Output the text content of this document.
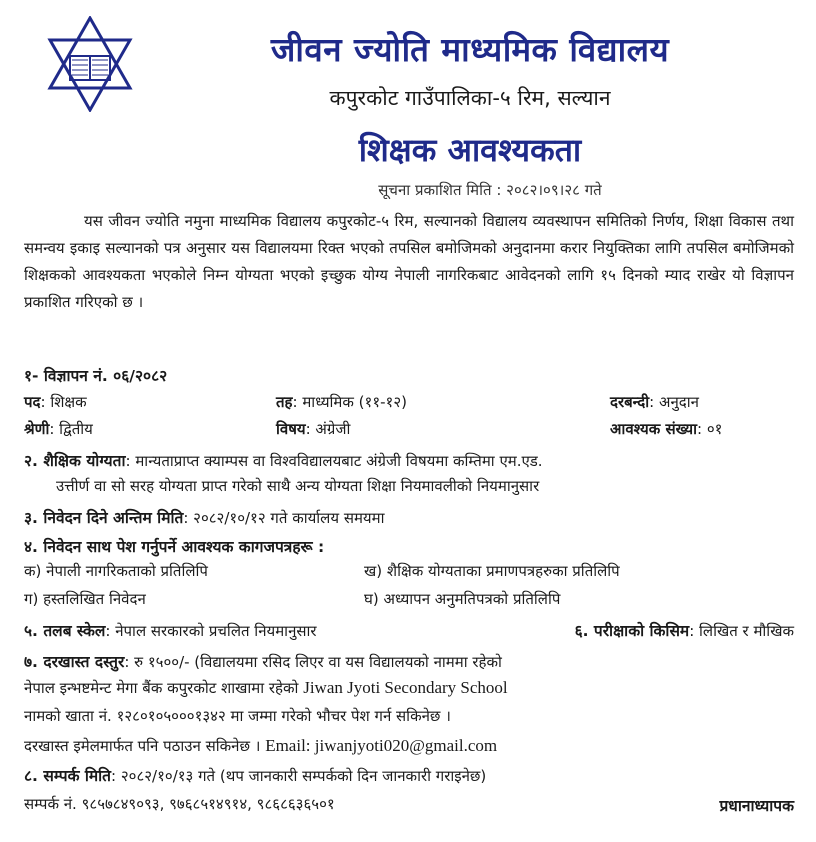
जीवन ज्योति माध्यमिक विद्यालय
कपुरकोट गाउँपालिका-५ रिम, सल्यान
शिक्षक आवश्यकता
सूचना प्रकाशित मिति : २०८२।०९।२८ गते
यस जीवन ज्योति नमुना माध्यमिक विद्यालय कपुरकोट-५ रिम, सल्यानको विद्यालय व्यवस्थापन समितिको निर्णय, शिक्षा विकास तथा समन्वय इकाइ सल्यानको पत्र अनुसार यस विद्यालयमा रिक्त भएको तपसिल बमोजिमको अनुदानमा करार नियुक्तिका लागि तपसिल बमोजिमको शिक्षकको आवश्यकता भएकोले निम्न योग्यता भएको इच्छुक योग्य नेपाली नागरिकबाट आवेदनको लागि १५ दिनको म्याद राखेर यो विज्ञापन प्रकाशित गरिएको छ ।
१- विज्ञापन नं. ०६/२०८२
पद: शिक्षक	तह: माध्यमिक (११-१२)	दरबन्दी: अनुदान
श्रेणी: द्वितीय	विषय: अंग्रेजी	आवश्यक संख्या: ०१
२. शैक्षिक योग्यता: मान्यताप्राप्त क्याम्पस वा विश्वविद्यालयबाट अंग्रेजी विषयमा कम्तिमा एम.एड.
उत्तीर्ण वा सो सरह योग्यता प्राप्त गरेको साथै अन्य योग्यता शिक्षा नियमावलीको नियमानुसार
३. निवेदन दिने अन्तिम मिति: २०८२/१०/१२ गते कार्यालय समयमा
४. निवेदन साथ पेश गर्नुपर्ने आवश्यक कागजपत्रहरू :
क) नेपाली नागरिकताको प्रतिलिपि	ख) शैक्षिक योग्यताका प्रमाणपत्रहरुका प्रतिलिपि
ग) हस्तलिखित निवेदन	घ) अध्यापन अनुमतिपत्रको प्रतिलिपि
५. तलब स्केल: नेपाल सरकारको प्रचलित नियमानुसार	६. परीक्षाको किसिम: लिखित र मौखिक
७. दरखास्त दस्तुर: रु १५००/- (विद्यालयमा रसिद लिएर वा यस विद्यालयको नाममा रहेको
नेपाल इन्भष्टमेन्ट मेगा बैंक कपुरकोट शाखामा रहेको Jiwan Jyoti Secondary School
नामको खाता नं. १२८०१०५०००१३४२ मा जम्मा गरेको भौचर पेश गर्न सकिनेछ ।
दरखास्त इमेलमार्फत पनि पठाउन सकिनेछ । Email: jiwanjyoti020@gmail.com
८. सम्पर्क मिति: २०८२/१०/१३ गते (थप जानकारी सम्पर्कको दिन जानकारी गराइनेछ)
सम्पर्क नं. ९८५७८४९०९३, ९७६८५१४९१४, ९८६८६३६५०१	प्रधानाध्यापक
